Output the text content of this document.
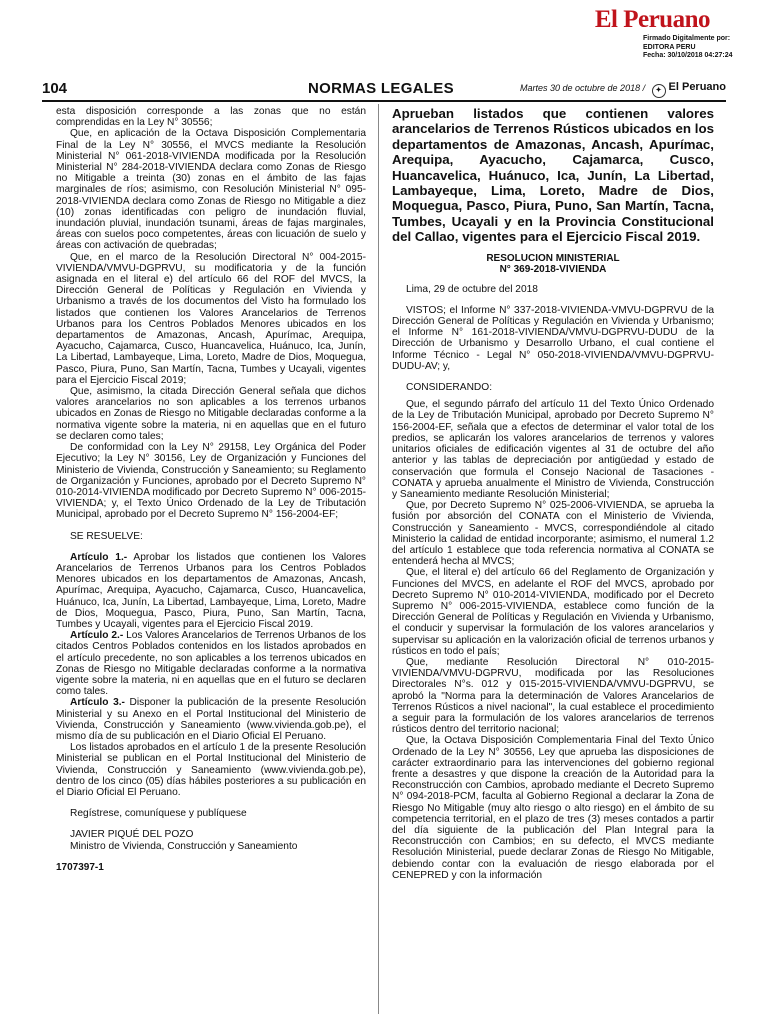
El Peruano
Firmado Digitalmente por:
EDITORA PERU
Fecha: 30/10/2018 04:27:24
104	NORMAS LEGALES	Martes 30 de octubre de 2018 /	✦ El Peruano

esta disposición corresponde a las zonas que no están comprendidas en la Ley N° 30556;

Que, en aplicación de la Octava Disposición Complementaria Final de la Ley N° 30556, el MVCS mediante la Resolución Ministerial N° 061-2018-VIVIENDA modificada por la Resolución Ministerial N° 284-2018-VIVIENDA declara como Zonas de Riesgo no Mitigable a treinta (30) zonas en el ámbito de las fajas marginales de ríos; asimismo, con Resolución Ministerial N° 095-2018-VIVIENDA declara como Zonas de Riesgo no Mitigable a diez (10) zonas identificadas con peligro de inundación fluvial, inundación pluvial, inundación tsunami, áreas de fajas marginales, áreas con suelos poco competentes, áreas con licuación de suelo y áreas con activación de quebradas;

Que, en el marco de la Resolución Directoral N° 004-2015-VIVIENDA/VMVU-DGPRVU, su modificatoria y de la función asignada en el literal e) del artículo 66 del ROF del MVCS, la Dirección General de Políticas y Regulación en Vivienda y Urbanismo a través de los documentos del Visto ha formulado los listados que contienen los Valores Arancelarios de Terrenos Urbanos para los Centros Poblados Menores ubicados en los departamentos de Amazonas, Ancash, Apurímac, Arequipa, Ayacucho, Cajamarca, Cusco, Huancavelica, Huánuco, Ica, Junín, La Libertad, Lambayeque, Lima, Loreto, Madre de Dios, Moquegua, Pasco, Piura, Puno, San Martín, Tacna, Tumbes y Ucayali, vigentes para el Ejercicio Fiscal 2019;

Que, asimismo, la citada Dirección General señala que dichos valores arancelarios no son aplicables a los terrenos urbanos ubicados en Zonas de Riesgo no Mitigable declaradas conforme a la normativa vigente sobre la materia, ni en aquellas que en el futuro se declaren como tales;

De conformidad con la Ley N° 29158, Ley Orgánica del Poder Ejecutivo; la Ley N° 30156, Ley de Organización y Funciones del Ministerio de Vivienda, Construcción y Saneamiento; su Reglamento de Organización y Funciones, aprobado por el Decreto Supremo N° 010-2014-VIVIENDA modificado por Decreto Supremo N° 006-2015-VIVIENDA; y, el Texto Único Ordenado de la Ley de Tributación Municipal, aprobado por el Decreto Supremo N° 156-2004-EF;

SE RESUELVE:

Artículo 1.- Aprobar los listados que contienen los Valores Arancelarios de Terrenos Urbanos para los Centros Poblados Menores ubicados en los departamentos de Amazonas, Ancash, Apurímac, Arequipa, Ayacucho, Cajamarca, Cusco, Huancavelica, Huánuco, Ica, Junín, La Libertad, Lambayeque, Lima, Loreto, Madre de Dios, Moquegua, Pasco, Piura, Puno, San Martín, Tacna, Tumbes y Ucayali, vigentes para el Ejercicio Fiscal 2019.

Artículo 2.- Los Valores Arancelarios de Terrenos Urbanos de los citados Centros Poblados contenidos en los listados aprobados en el artículo precedente, no son aplicables a los terrenos ubicados en Zonas de Riesgo no Mitigable declaradas conforme a la normativa vigente sobre la materia, ni en aquellas que en el futuro se declaren como tales.

Artículo 3.- Disponer la publicación de la presente Resolución Ministerial y su Anexo en el Portal Institucional del Ministerio de Vivienda, Construcción y Saneamiento (www.vivienda.gob.pe), el mismo día de su publicación en el Diario Oficial El Peruano.

Los listados aprobados en el artículo 1 de la presente Resolución Ministerial se publican en el Portal Institucional del Ministerio de Vivienda, Construcción y Saneamiento (www.vivienda.gob.pe), dentro de los cinco (05) días hábiles posteriores a su publicación en el Diario Oficial El Peruano.

Regístrese, comuníquese y publíquese

JAVIER PIQUÉ DEL POZO

Ministro de Vivienda, Construcción y Saneamiento

1707397-1

Aprueban listados que contienen valores arancelarios de Terrenos Rústicos ubicados en los departamentos de Amazonas, Ancash, Apurímac, Arequipa, Ayacucho, Cajamarca, Cusco, Huancavelica, Huánuco, Ica, Junín, La Libertad, Lambayeque, Lima, Loreto, Madre de Dios, Moquegua, Pasco, Piura, Puno, San Martín, Tacna, Tumbes, Ucayali y en la Provincia Constitucional del Callao, vigentes para el Ejercicio Fiscal 2019.
RESOLUCION MINISTERIAL
N° 369-2018-VIVIENDA

Lima, 29 de octubre del 2018

VISTOS; el Informe N° 337-2018-VIVIENDA-VMVU-DGPRVU de la Dirección General de Políticas y Regulación en Vivienda y Urbanismo; el Informe N° 161-2018-VIVIENDA/VMVU-DGPRVU-DUDU de la Dirección de Urbanismo y Desarrollo Urbano, el cual contiene el Informe Técnico - Legal N° 050-2018-VIVIENDA/VMVU-DGPRVU-DUDU-AV; y,

CONSIDERANDO:

Que, el segundo párrafo del artículo 11 del Texto Único Ordenado de la Ley de Tributación Municipal, aprobado por Decreto Supremo N° 156-2004-EF, señala que a efectos de determinar el valor total de los predios, se aplicarán los valores arancelarios de terrenos y valores unitarios oficiales de edificación vigentes al 31 de octubre del año anterior y las tablas de depreciación por antigüedad y estado de conservación que formula el Consejo Nacional de Tasaciones - CONATA y aprueba anualmente el Ministro de Vivienda, Construcción y Saneamiento mediante Resolución Ministerial;

Que, por Decreto Supremo N° 025-2006-VIVIENDA, se aprueba la fusión por absorción del CONATA con el Ministerio de Vivienda, Construcción y Saneamiento - MVCS, correspondiéndole al citado Ministerio la calidad de entidad incorporante; asimismo, el numeral 1.2 del artículo 1 establece que toda referencia normativa al CONATA se entenderá hecha al MVCS;

Que, el literal e) del artículo 66 del Reglamento de Organización y Funciones del MVCS, en adelante el ROF del MVCS, aprobado por Decreto Supremo N° 010-2014-VIVIENDA, modificado por el Decreto Supremo N° 006-2015-VIVIENDA, establece como función de la Dirección General de Políticas y Regulación en Vivienda y Urbanismo, el conducir y supervisar la formulación de los valores arancelarios y supervisar su aplicación en la valorización oficial de terrenos urbanos y rústicos en todo el país;

Que, mediante Resolución Directoral N° 010-2015- VIVIENDA/VMVU-DGPRVU, modificada por las Resoluciones Directorales N°s. 012 y 015-2015-VIVIENDA/VMVU-DGPRVU, se aprobó la "Norma para la determinación de Valores Arancelarios de Terrenos Rústicos a nivel nacional", la cual establece el procedimiento a seguir para la formulación de los valores arancelarios de terrenos rústicos dentro del territorio nacional;

Que, la Octava Disposición Complementaria Final del Texto Único Ordenado de la Ley N° 30556, Ley que aprueba las disposiciones de carácter extraordinario para las intervenciones del gobierno regional frente a desastres y que dispone la creación de la Autoridad para la Reconstrucción con Cambios, aprobado mediante el Decreto Supremo N° 094-2018-PCM, faculta al Gobierno Regional a declarar la Zona de Riesgo No Mitigable (muy alto riesgo o alto riesgo) en el ámbito de su competencia territorial, en el plazo de tres (3) meses contados a partir del día siguiente de la publicación del Plan Integral para la Reconstrucción con Cambios; en su defecto, el MVCS mediante Resolución Ministerial, puede declarar Zonas de Riesgo No Mitigable, debiendo contar con la evaluación de riesgo elaborada por el CENEPRED y con la información
